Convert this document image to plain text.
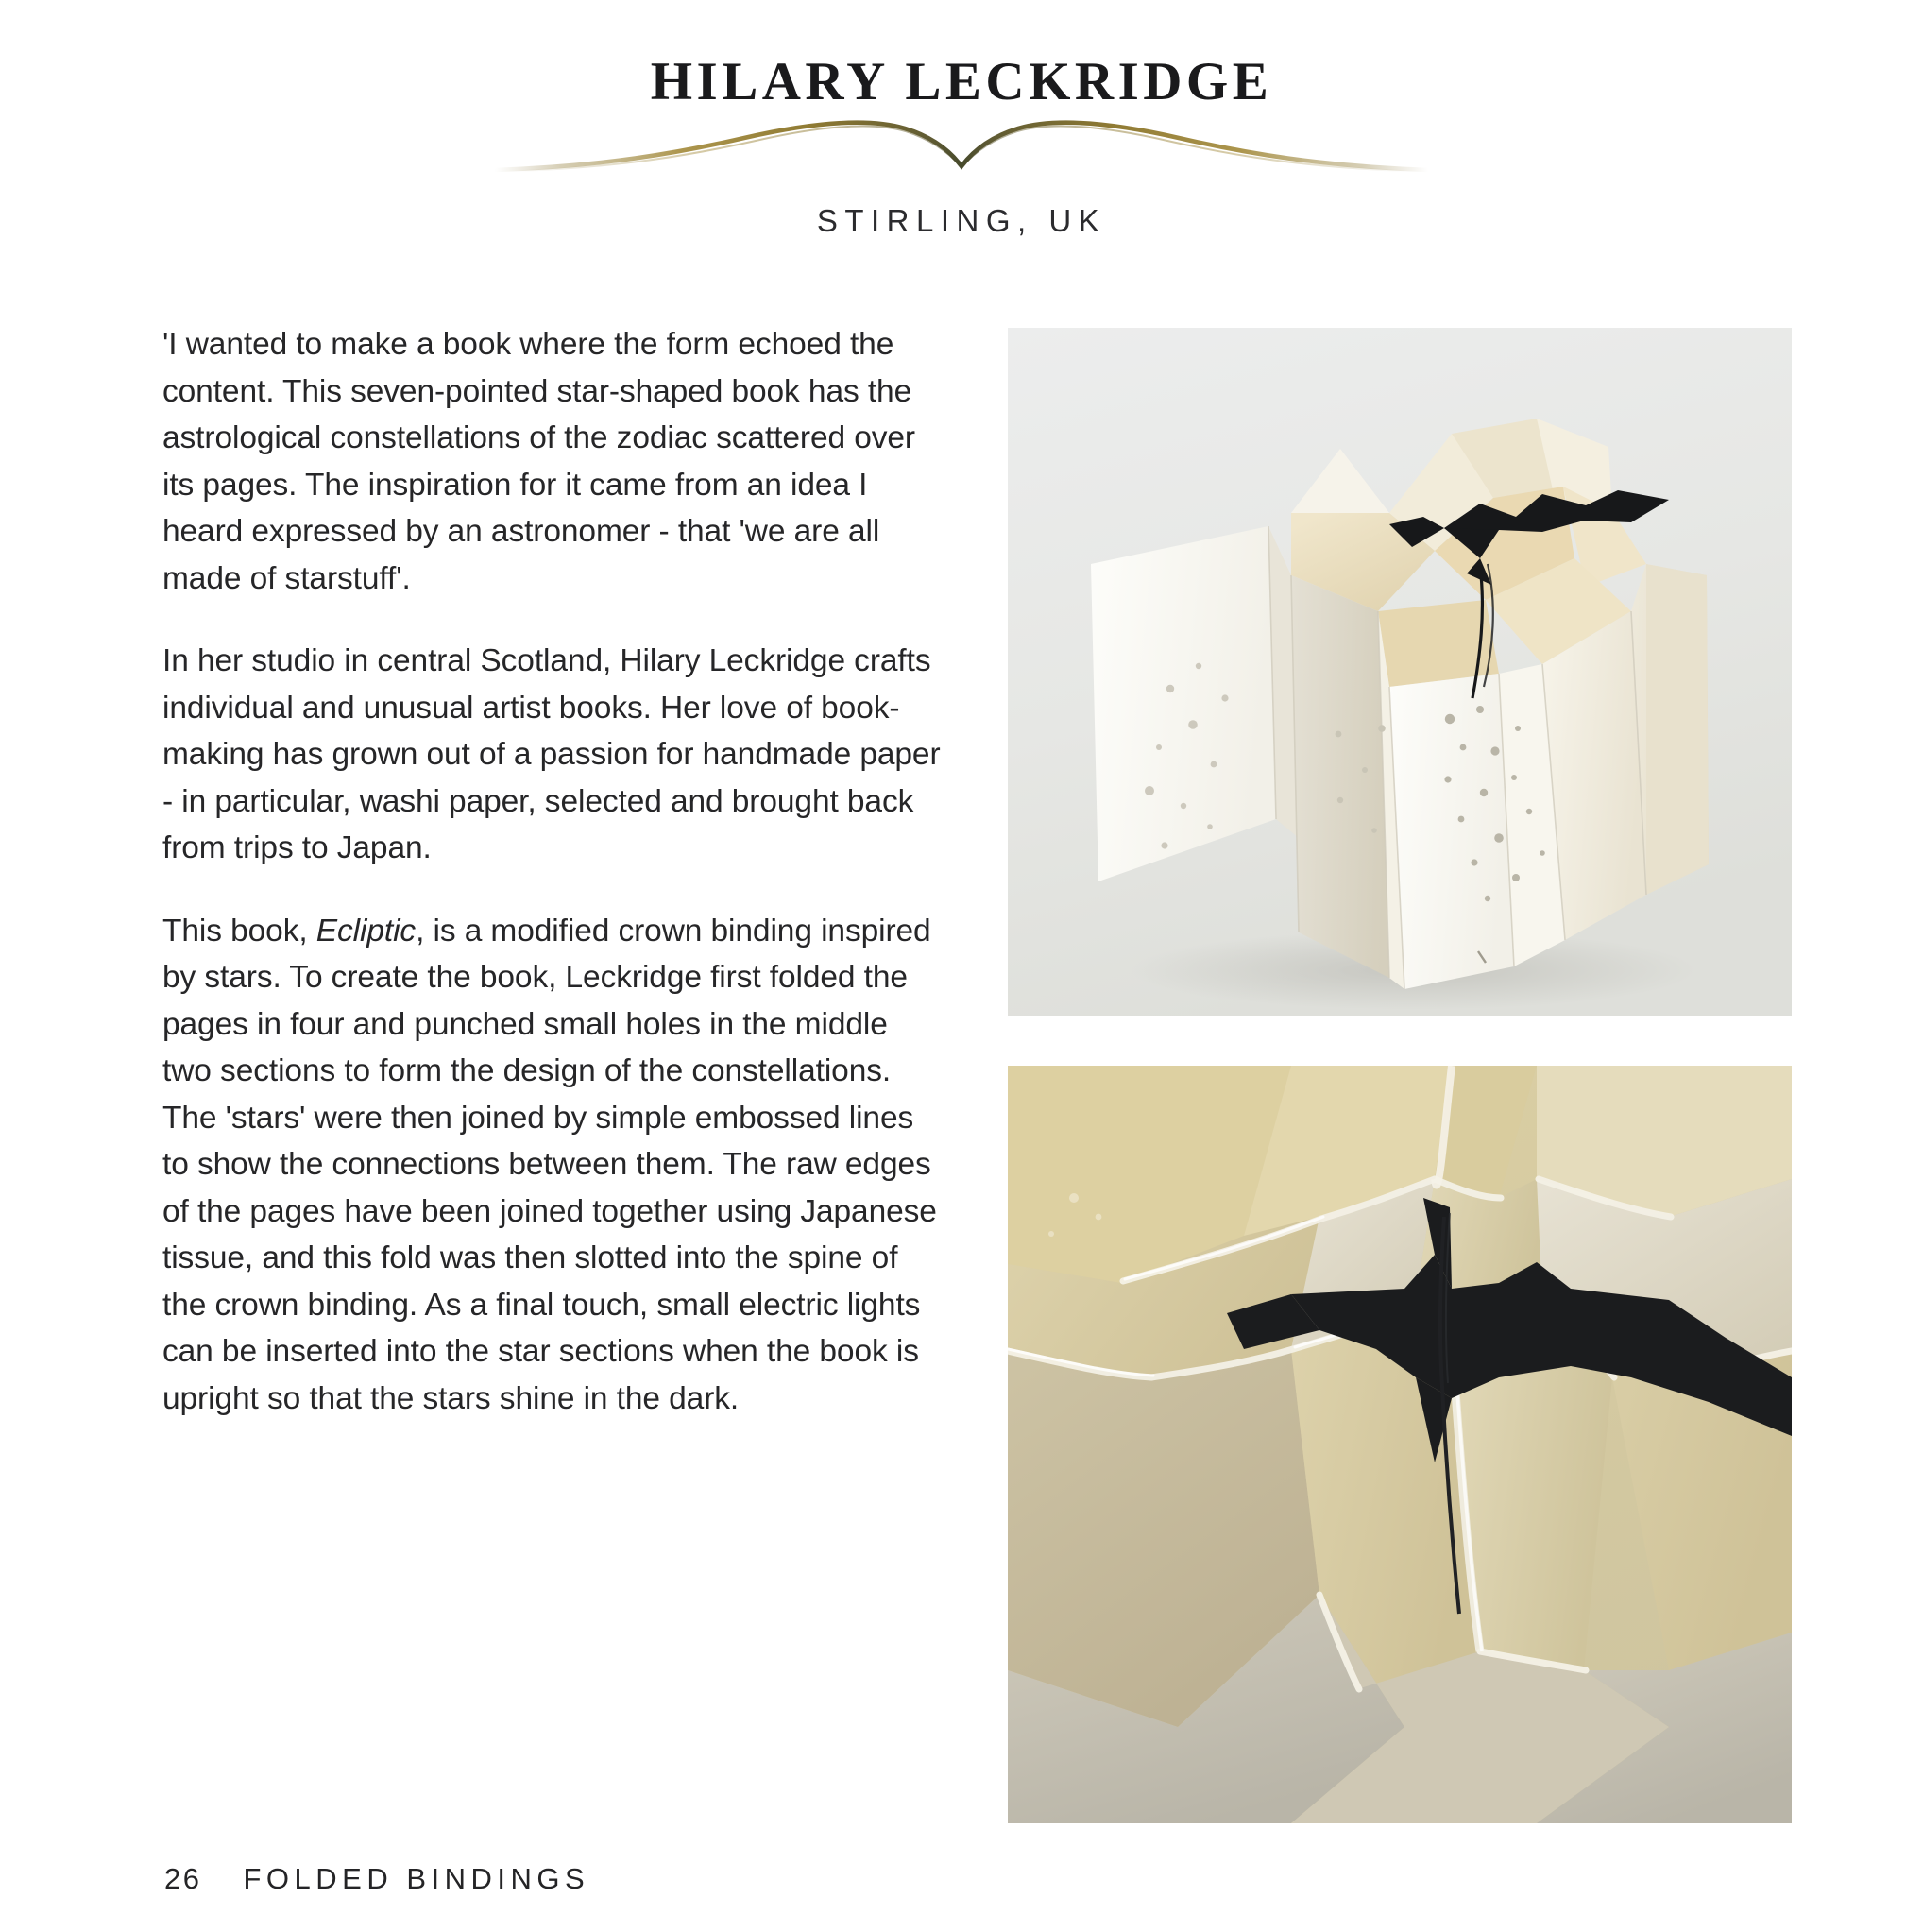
HILARY LECKRIDGE
STIRLING, UK

'I wanted to make a book where the form echoed the content. This seven-pointed star-shaped book has the astrological constellations of the zodiac scattered over its pages. The inspiration for it came from an idea I heard expressed by an astronomer - that 'we are all made of starstuff'.

In her studio in central Scotland, Hilary Leckridge crafts individual and unusual artist books. Her love of book-making has grown out of a passion for handmade paper - in particular, washi paper, selected and brought back from trips to Japan.

This book, Ecliptic, is a modified crown binding inspired by stars. To create the book, Leckridge first folded the pages in four and punched small holes in the middle two sections to form the design of the constellations. The 'stars' were then joined by simple embossed lines to show the connections between them. The raw edges of the pages have been joined together using Japanese tissue, and this fold was then slotted into the spine of the crown binding. As a final touch, small electric lights can be inserted into the star sections when the book is upright so that the stars shine in the dark.

26 FOLDED BINDINGS
